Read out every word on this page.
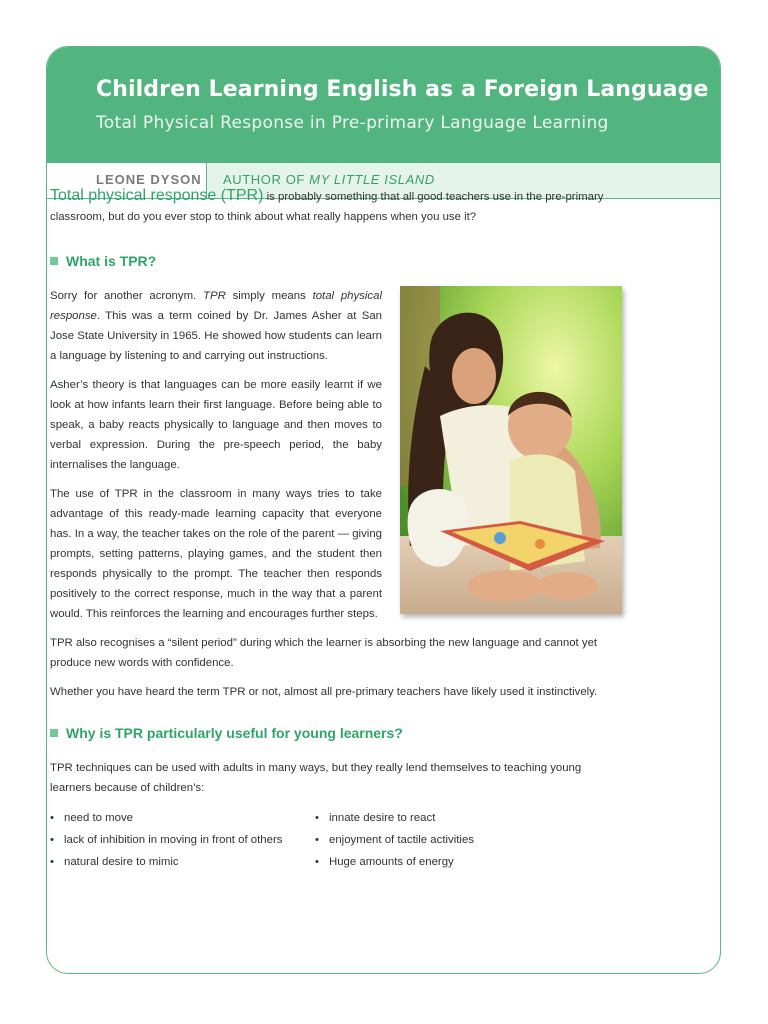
Children Learning English as a Foreign Language
Total Physical Response in Pre-primary Language Learning
LEONE DYSON	AUTHOR OF MY LITTLE ISLAND

Total physical response (TPR) is probably something that all good teachers use in the pre-primary classroom, but do you ever stop to think about what really happens when you use it?

What is TPR?

Sorry for another acronym. TPR simply means total physical response. This was a term coined by Dr. James Asher at San Jose State University in 1965. He showed how students can learn a language by listening to and carrying out instructions.

Asher’s theory is that languages can be more easily learnt if we look at how infants learn their first language. Before being able to speak, a baby reacts physically to language and then moves to verbal expression. During the pre-speech period, the baby internalises the language.

The use of TPR in the classroom in many ways tries to take advantage of this ready-made learning capacity that everyone has. In a way, the teacher takes on the role of the parent — giving prompts, setting patterns, playing games, and the student then responds physically to the prompt. The teacher then responds positively to the correct response, much in the way that a parent would. This reinforces the learning and encourages further steps.

TPR also recognises a “silent period” during which the learner is absorbing the new language and cannot yet produce new words with confidence.

Whether you have heard the term TPR or not, almost all pre-primary teachers have likely used it instinctively.

Why is TPR particularly useful for young learners?

TPR techniques can be used with adults in many ways, but they really lend themselves to teaching young learners because of children’s:

• need to move	• innate desire to react
• lack of inhibition in moving in front of others	• enjoyment of tactile activities
• natural desire to mimic	• Huge amounts of energy
